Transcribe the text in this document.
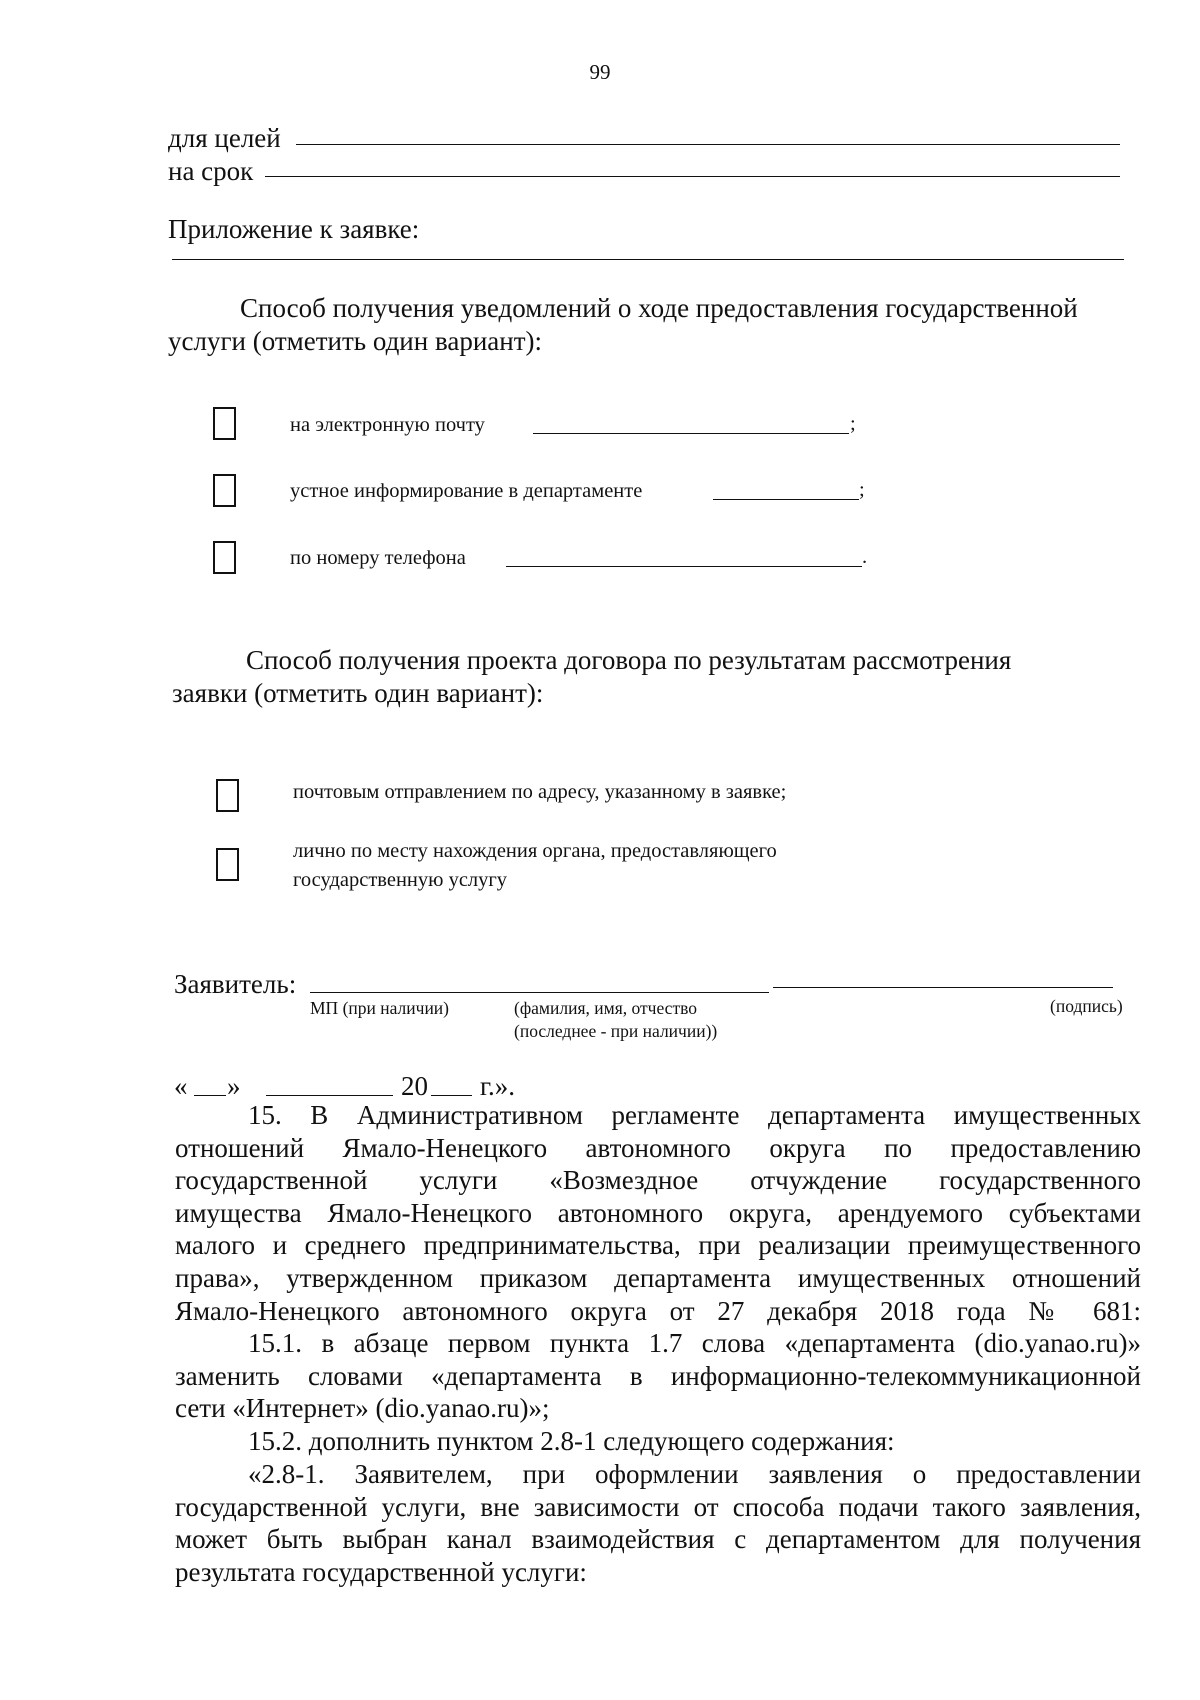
99
для целей
на срок
Приложение к заявке:
Способ получения уведомлений о ходе предоставления государственной
услуги (отметить один вариант):
на электронную почту	;
устное информирование в департаменте	;
по номеру телефона	.
Способ получения проекта договора по результатам рассмотрения
заявки (отметить один вариант):
почтовым отправлением по адресу, указанному в заявке;
лично по месту нахождения органа, предоставляющего
государственную услугу
Заявитель:
МП (при наличии)	(фамилия, имя, отчество
(последнее - при наличии))
(подпись)
« »	20 г.».

15. В Административном регламенте департамента имущественных

отношений Ямало-Ненецкого автономного округа по предоставлению

государственной услуги «Возмездное отчуждение государственного

имущества Ямало-Ненецкого автономного округа, арендуемого субъектами

малого и среднего предпринимательства, при реализации преимущественного

права», утвержденном приказом департамента имущественных отношений

Ямало-Ненецкого автономного округа от 27 декабря 2018 года № 681:

15.1. в абзаце первом пункта 1.7 слова «департамента (dio.yanao.ru)»

заменить словами «департамента в информационно-телекоммуникационной

сети «Интернет» (dio.yanao.ru)»;

15.2. дополнить пунктом 2.8-1 следующего содержания:

«2.8-1. Заявителем, при оформлении заявления о предоставлении

государственной услуги, вне зависимости от способа подачи такого заявления,

может быть выбран канал взаимодействия с департаментом для получения

результата государственной услуги:
